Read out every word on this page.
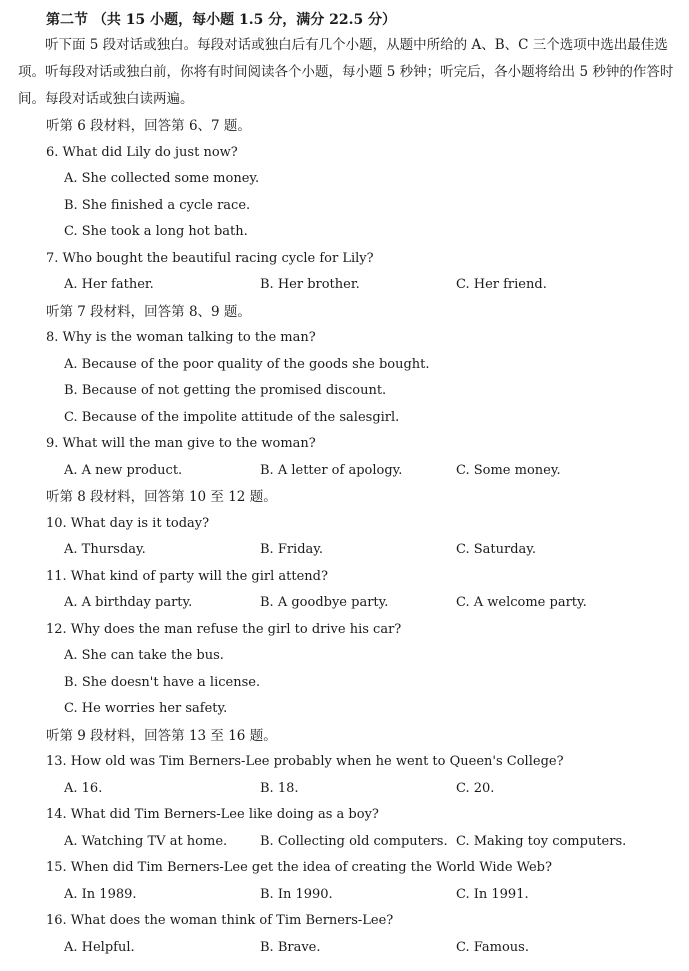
第二节 （共 15 小题，每小题 1.5 分，满分 22.5 分）

听下面 5 段对话或独白。每段对话或独白后有几个小题，从题中所给的 A、B、C 三个选项中选出最佳选项。听每段对话或独白前，你将有时间阅读各个小题，每小题 5 秒钟；听完后，各小题将给出 5 秒钟的作答时间。每段对话或独白读两遍。

听第 6 段材料，回答第 6、7 题。
6. What did Lily do just now?
A. She collected some money.
B. She finished a cycle race.
C. She took a long hot bath.
7. Who bought the beautiful racing cycle for Lily?
A. Her father.	B. Her brother.	C. Her friend.
听第 7 段材料，回答第 8、9 题。
8. Why is the woman talking to the man?
A. Because of the poor quality of the goods she bought.
B. Because of not getting the promised discount.
C. Because of the impolite attitude of the salesgirl.
9. What will the man give to the woman?
A. A new product.	B. A letter of apology.	C. Some money.
听第 8 段材料，回答第 10 至 12 题。
10. What day is it today?
A. Thursday.	B. Friday.	C. Saturday.
11. What kind of party will the girl attend?
A. A birthday party.	B. A goodbye party.	C. A welcome party.
12. Why does the man refuse the girl to drive his car?
A. She can take the bus.
B. She doesn't have a license.
C. He worries her safety.
听第 9 段材料，回答第 13 至 16 题。
13. How old was Tim Berners-Lee probably when he went to Queen's College?
A. 16.	B. 18.	C. 20.
14. What did Tim Berners-Lee like doing as a boy?
A. Watching TV at home.	B. Collecting old computers. C. Making toy computers.
15. When did Tim Berners-Lee get the idea of creating the World Wide Web?
A. In 1989.	B. In 1990.	C. In 1991.
16. What does the woman think of Tim Berners-Lee?
A. Helpful.	B. Brave.	C. Famous.
